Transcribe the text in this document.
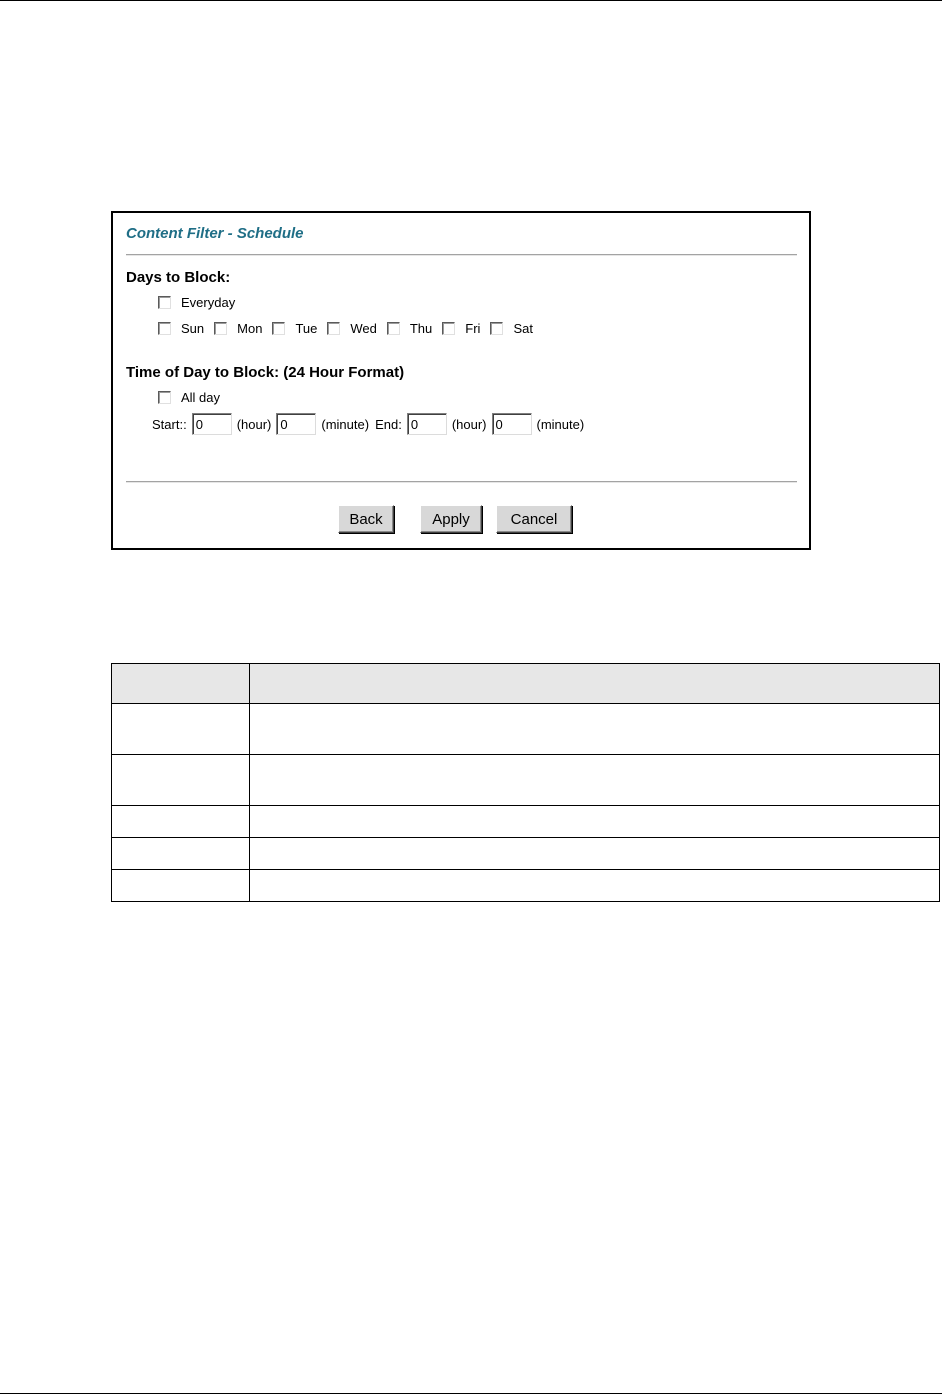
Content Filter - Schedule
Days to Block:
Everyday
Sun	Mon	Tue	Wed	Thu	Fri	Sat
Time of Day to Block: (24 Hour Format)
All day
Start::
0	(hour)
0	(minute) End:
0	(hour)
0	(minute)
Back	Apply	Cancel
